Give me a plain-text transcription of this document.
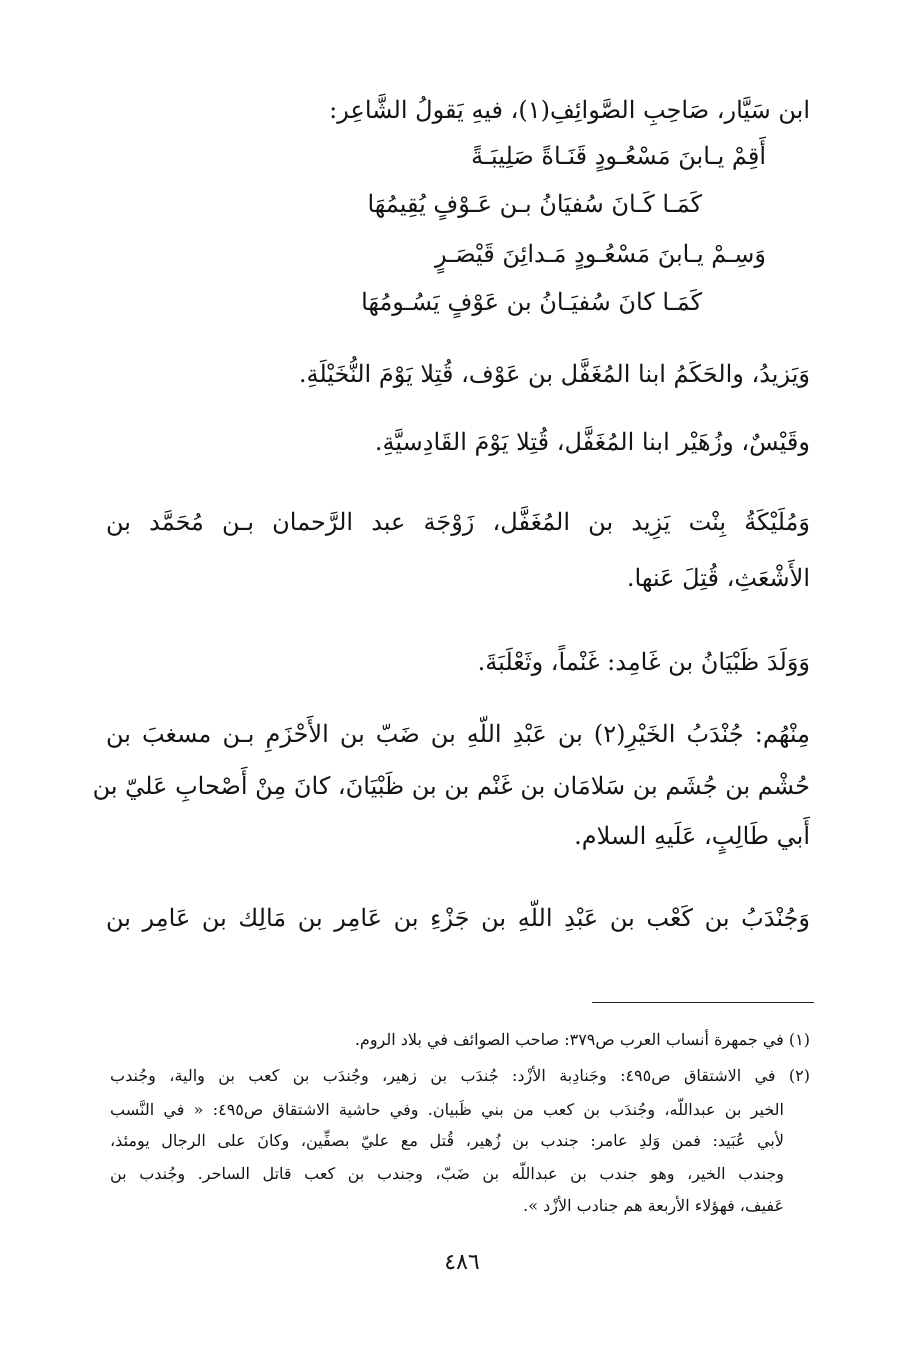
ابن سَيَّار، صَاحِبِ الصَّوائِفِ(١)، فيهِ يَقولُ الشَّاعِر:
أَقِمْ يـابنَ مَسْعُـودٍ قَنَـاةً صَلِيبَـةً
كَمَـا كَـانَ سُفيَانُ بـن عَـوْفٍ يُقِيمُهَا
وَسِـمْ يـابنَ مَسْعُـودٍ مَـدائِنَ قَيْصَـرٍ
كَمَـا كانَ سُفيَـانُ بن عَوْفٍ يَسُـومُهَا
وَيَزيدُ، والحَكَمُ ابنا المُغَفَّل بن عَوْف، قُتِلا يَوْمَ النُّخَيْلَةِ.
وقَيْسٌ، وزُهَيْر ابنا المُغَفَّل، قُتِلا يَوْمَ القَادِسيَّةِ.
وَمُلَيْكَةُ بِنْت يَزِيد بن المُغَفَّل، زَوْجَة عبد الرَّحمان بـن مُحَمَّد بن
الأَشْعَثِ، قُتِلَ عَنها.
وَوَلَدَ ظَبْيَانُ بن غَامِد: غَنْماً، وثَعْلَبَةَ.
مِنْهُم: جُنْدَبُ الخَيْرِ(٢) بن عَبْدِ اللّهِ بن ضَبّ بن الأَحْزَمِ بـن مسغبَ بن
حُشْم بن جُشَم بن سَلامَان بن غَنْم بن بن ظَبْيَانَ، كانَ مِنْ أَصْحابِ عَليّ بن
أَبي طَالِبٍ، عَلَيهِ السلام.
وَجُنْدَبُ بن كَعْب بن عَبْدِ اللّهِ بن جَزْءِ بن عَامِر بن مَالِك بن عَامِر بن
(١) في جمهرة أنساب العرب ص٣٧٩: صاحب الصوائف في بلاد الروم.
(٢) في الاشتقاق ص٤٩٥: وجَنادِبة الأزْد: جُندَب بن زهير، وجُندَب بن كعب بن والية، وجُندب
الخير بن عبداللّه، وجُندَب بن كعب من بني ظَبيان. وفي حاشية الاشتقاق ص٤٩٥: « في النَّسب
لأبي عُبَيد: فمن وَلدِ عامر: جندب بن زُهير، قُتل مع عليّ بصفِّين، وكانَ على الرجال يومئذ،
وجندب الخير، وهو جندب بن عبداللّه بن ضَبّ، وجندب بن كعب قاتل الساحر. وجُندب بن
عَفيف، فهؤلاء الأربعة هم جنادب الأزْد ».
٤٨٦
